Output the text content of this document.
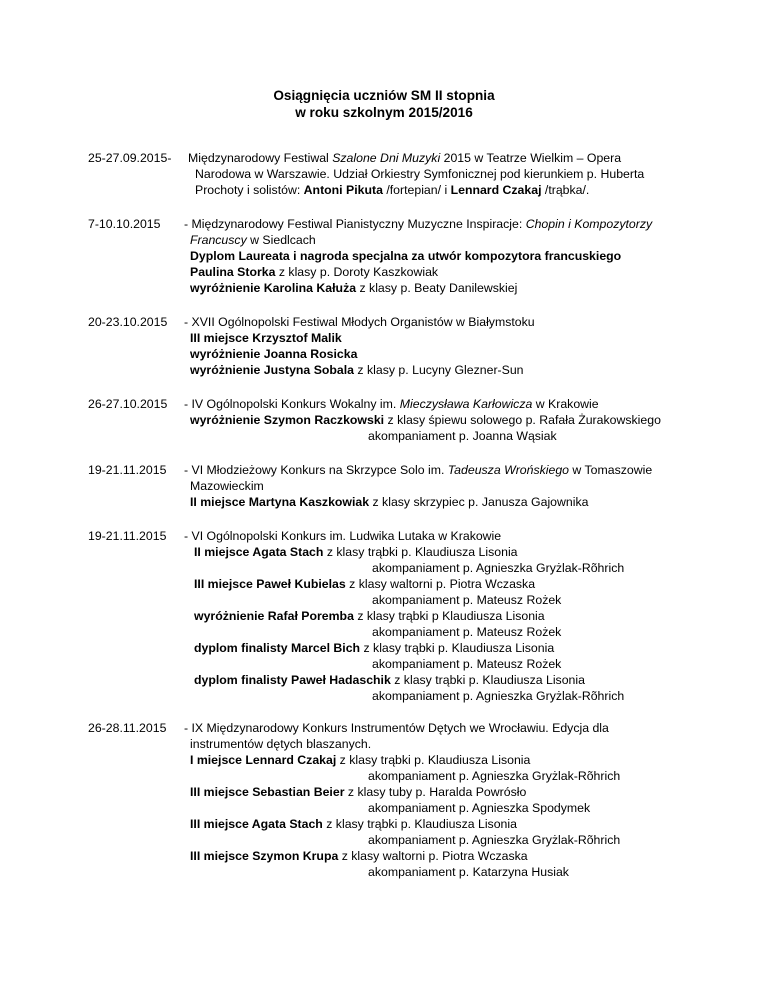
Osiągnięcia uczniów SM II stopnia
w roku szkolnym 2015/2016
25-27.09.2015- Międzynarodowy Festiwal Szalone Dni Muzyki 2015 w Teatrze Wielkim – Opera
Narodowa w Warszawie. Udział Orkiestry Symfonicznej pod kierunkiem p. Huberta
Prochoty i solistów: Antoni Pikuta /fortepian/ i Lennard Czakaj /trąbka/.
7-10.10.2015 - Międzynarodowy Festiwal Pianistyczny Muzyczne Inspiracje: Chopin i Kompozytorzy
Francuscy w Siedlcach
Dyplom Laureata i nagroda specjalna za utwór kompozytora francuskiego
Paulina Storka z klasy p. Doroty Kaszkowiak
wyróżnienie Karolina Kałuża z klasy p. Beaty Danilewskiej
20-23.10.2015 - XVII Ogólnopolski Festiwal Młodych Organistów w Białymstoku
III miejsce Krzysztof Malik
wyróżnienie Joanna Rosicka
wyróżnienie Justyna Sobala z klasy p. Lucyny Glezner-Sun
26-27.10.2015 - IV Ogólnopolski Konkurs Wokalny im. Mieczysława Karłowicza w Krakowie
wyróżnienie Szymon Raczkowski z klasy śpiewu solowego p. Rafała Żurakowskiego
akompaniament p. Joanna Wąsiak
19-21.11.2015 - VI Młodzieżowy Konkurs na Skrzypce Solo im. Tadeusza Wrońskiego w Tomaszowie
Mazowieckim
II miejsce Martyna Kaszkowiak z klasy skrzypiec p. Janusza Gajownika
19-21.11.2015 - VI Ogólnopolski Konkurs im. Ludwika Lutaka w Krakowie
II miejsce Agata Stach z klasy trąbki p. Klaudiusza Lisonia
akompaniament p. Agnieszka Gryżlak-Rõhrich
III miejsce Paweł Kubielas z klasy waltorni p. Piotra Wczaska
akompaniament p. Mateusz Rożek
wyróżnienie Rafał Poremba z klasy trąbki p Klaudiusza Lisonia
akompaniament p. Mateusz Rożek
dyplom finalisty Marcel Bich z klasy trąbki p. Klaudiusza Lisonia
akompaniament p. Mateusz Rożek
dyplom finalisty Paweł Hadaschik z klasy trąbki p. Klaudiusza Lisonia
akompaniament p. Agnieszka Gryżlak-Rõhrich
26-28.11.2015 - IX Międzynarodowy Konkurs Instrumentów Dętych we Wrocławiu. Edycja dla
instrumentów dętych blaszanych.
I miejsce Lennard Czakaj z klasy trąbki p. Klaudiusza Lisonia
akompaniament p. Agnieszka Gryżlak-Rõhrich
III miejsce Sebastian Beier z klasy tuby p. Haralda Powrósło
akompaniament p. Agnieszka Spodymek
III miejsce Agata Stach z klasy trąbki p. Klaudiusza Lisonia
akompaniament p. Agnieszka Gryżlak-Rõhrich
III miejsce Szymon Krupa z klasy waltorni p. Piotra Wczaska
akompaniament p. Katarzyna Husiak
